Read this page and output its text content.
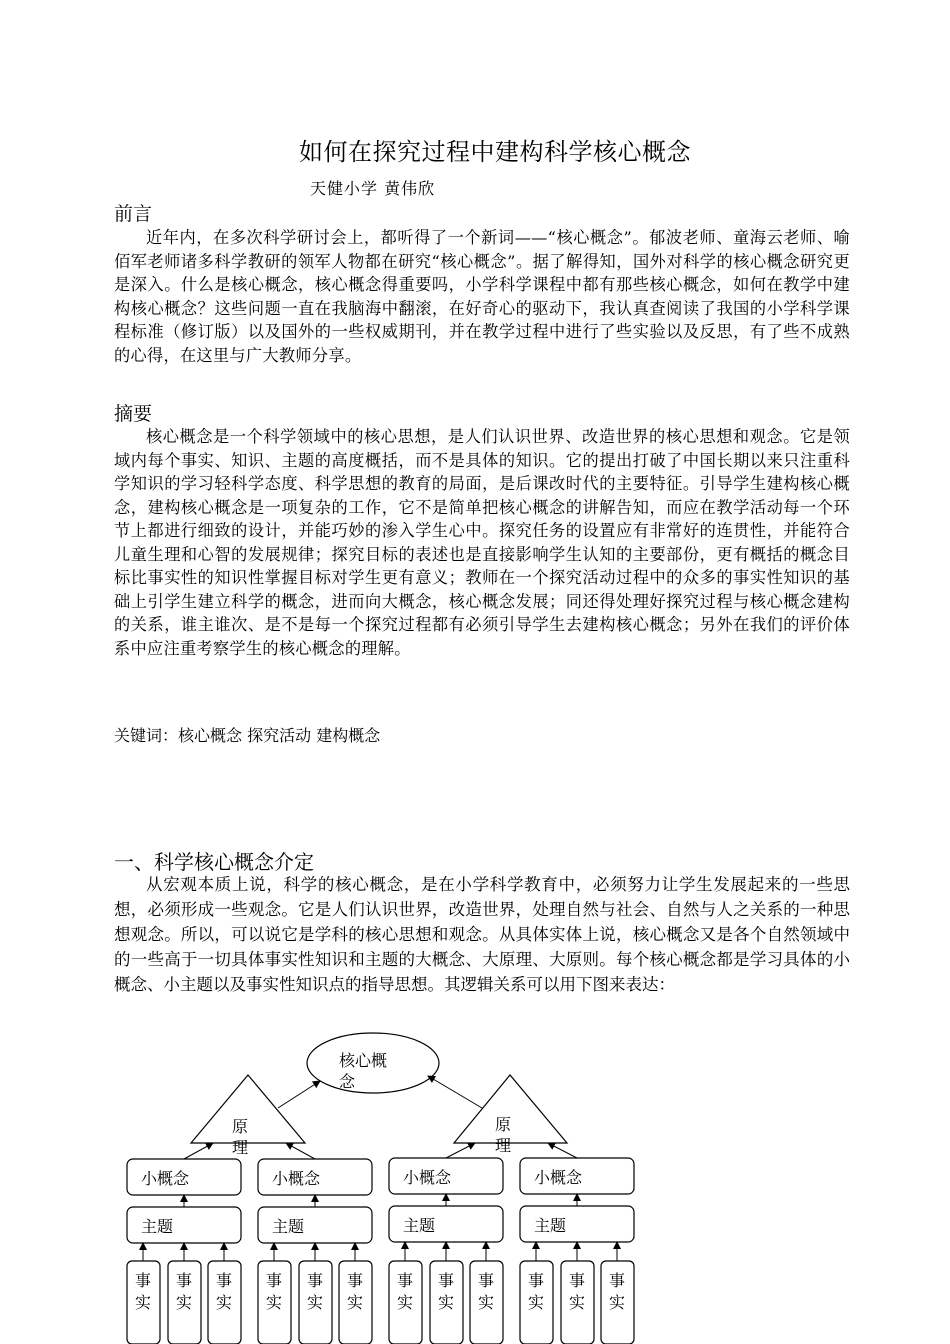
如何在探究过程中建构科学核心概念
天健小学 黄伟欣
前言
近年内，在多次科学研讨会上，都听得了一个新词——“核心概念”。郁波老师、童海云老师、喻佰军老师诸多科学教研的领军人物都在研究“核心概念”。据了解得知，国外对科学的核心概念研究更是深入。什么是核心概念，核心概念得重要吗，小学科学课程中都有那些核心概念，如何在教学中建构核心概念？这些问题一直在我脑海中翻滚，在好奇心的驱动下，我认真查阅读了我国的小学科学课程标准（修订版）以及国外的一些权威期刊，并在教学过程中进行了些实验以及反思，有了些不成熟的心得，在这里与广大教师分享。
摘要
核心概念是一个科学领域中的核心思想，是人们认识世界、改造世界的核心思想和观念。它是领域内每个事实、知识、主题的高度概括，而不是具体的知识。它的提出打破了中国长期以来只注重科学知识的学习轻科学态度、科学思想的教育的局面，是后课改时代的主要特征。引导学生建构核心概念，建构核心概念是一项复杂的工作，它不是简单把核心概念的讲解告知，而应在教学活动每一个环节上都进行细致的设计，并能巧妙的渗入学生心中。探究任务的设置应有非常好的连贯性，并能符合儿童生理和心智的发展规律；探究目标的表述也是直接影响学生认知的主要部份，更有概括的概念目标比事实性的知识性掌握目标对学生更有意义；教师在一个探究活动过程中的众多的事实性知识的基础上引学生建立科学的概念，进而向大概念，核心概念发展；同还得处理好探究过程与核心概念建构的关系，谁主谁次、是不是每一个探究过程都有必须引导学生去建构核心概念；另外在我们的评价体系中应注重考察学生的核心概念的理解。
关键词：核心概念 探究活动 建构概念
一、科学核心概念介定
从宏观本质上说，科学的核心概念，是在小学科学教育中，必须努力让学生发展起来的一些思想，必须形成一些观念。它是人们认识世界，改造世界，处理自然与社会、自然与人之关系的一种思想观念。所以，可以说它是学科的核心思想和观念。从具体实体上说，核心概念又是各个自然领域中的一些高于一切具体事实性知识和主题的大概念、大原理、大原则。每个核心概念都是学习具体的小概念、小主题以及事实性知识点的指导思想。其逻辑关系可以用下图来表达：
核心概
念
原
理
原
理
小概念	小概念	小概念	小概念
主题	主题	主题	主题
事
实
事
实
事
实
事
实
事
实
事
实
事
实
事
实
事
实
事
实
事
实
事
实
